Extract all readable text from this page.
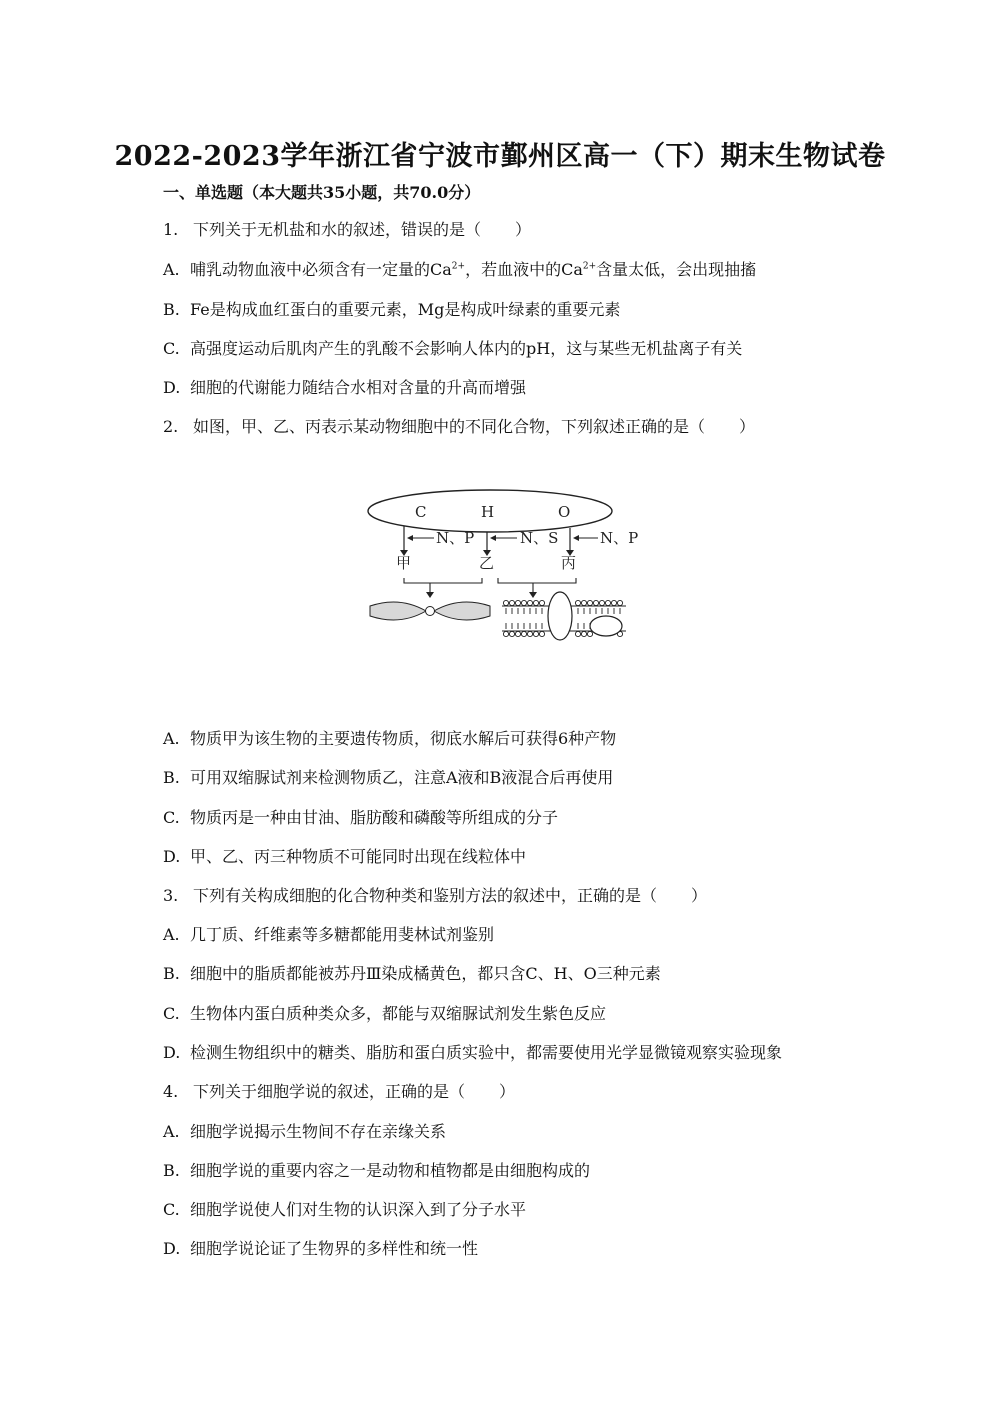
2022-2023学年浙江省宁波市鄞州区高一（下）期末生物试卷
一、单选题（本大题共35小题，共70.0分）
1. 下列关于无机盐和水的叙述，错误的是（ ）
A. 哺乳动物血液中必须含有一定量的$Ca^{2+}$，若血液中的$Ca^{2+}$含量太低，会出现抽搐
B. Fe是构成血红蛋白的重要元素，Mg是构成叶绿素的重要元素
C. 高强度运动后肌肉产生的乳酸不会影响人体内的pH，这与某些无机盐离子有关
D. 细胞的代谢能力随结合水相对含量的升高而增强
2. 如图，甲、乙、丙表示某动物细胞中的不同化合物，下列叙述正确的是（ ）
C	H	O
N、P	N、S	N、P
甲	乙	丙
A. 物质甲为该生物的主要遗传物质，彻底水解后可获得6种产物
B. 可用双缩脲试剂来检测物质乙，注意A液和B液混合后再使用
C. 物质丙是一种由甘油、脂肪酸和磷酸等所组成的分子
D. 甲、乙、丙三种物质不可能同时出现在线粒体中
3. 下列有关构成细胞的化合物种类和鉴别方法的叙述中，正确的是（ ）
A. 几丁质、纤维素等多糖都能用斐林试剂鉴别
B. 细胞中的脂质都能被苏丹Ⅲ染成橘黄色，都只含C、H、O三种元素
C. 生物体内蛋白质种类众多，都能与双缩脲试剂发生紫色反应
D. 检测生物组织中的糖类、脂肪和蛋白质实验中，都需要使用光学显微镜观察实验现象
4. 下列关于细胞学说的叙述，正确的是（ ）
A. 细胞学说揭示生物间不存在亲缘关系
B. 细胞学说的重要内容之一是动物和植物都是由细胞构成的
C. 细胞学说使人们对生物的认识深入到了分子水平
D. 细胞学说论证了生物界的多样性和统一性
